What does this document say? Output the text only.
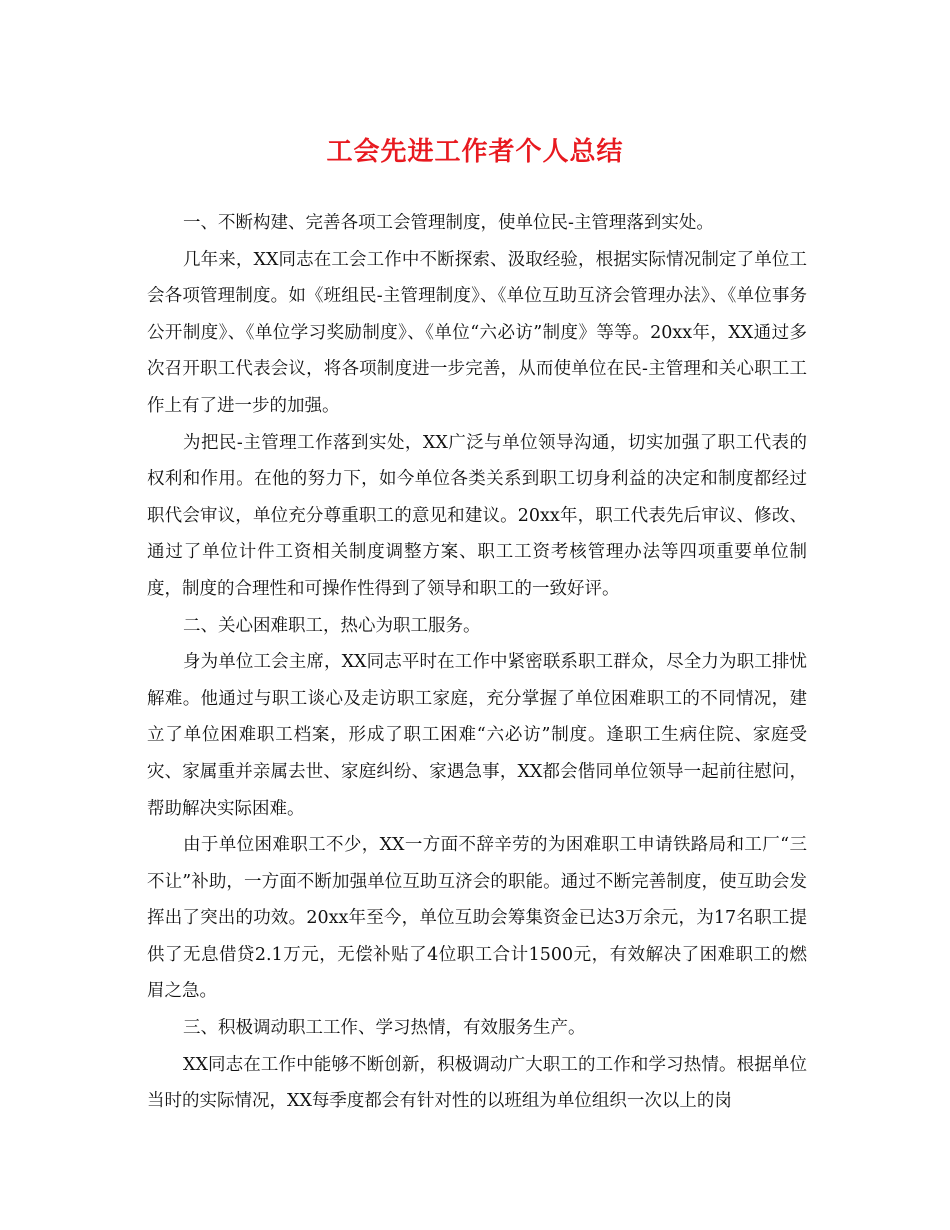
工会先进工作者个人总结

一、不断构建、完善各项工会管理制度，使单位民-主管理落到实处。

几年来，XX同志在工会工作中不断探索、汲取经验，根据实际情况制定了单位工会各项管理制度。如《班组民-主管理制度》、《单位互助互济会管理办法》、《单位事务公开制度》、《单位学习奖励制度》、《单位“六必访”制度》等等。20xx年，XX通过多次召开职工代表会议，将各项制度进一步完善，从而使单位在民-主管理和关心职工工作上有了进一步的加强。

为把民-主管理工作落到实处，XX广泛与单位领导沟通，切实加强了职工代表的权利和作用。在他的努力下，如今单位各类关系到职工切身利益的决定和制度都经过职代会审议，单位充分尊重职工的意见和建议。20xx年，职工代表先后审议、修改、通过了单位计件工资相关制度调整方案、职工工资考核管理办法等四项重要单位制度，制度的合理性和可操作性得到了领导和职工的一致好评。

二、关心困难职工，热心为职工服务。

身为单位工会主席，XX同志平时在工作中紧密联系职工群众，尽全力为职工排忧解难。他通过与职工谈心及走访职工家庭，充分掌握了单位困难职工的不同情况，建立了单位困难职工档案，形成了职工困难“六必访”制度。逢职工生病住院、家庭受灾、家属重并亲属去世、家庭纠纷、家遇急事，XX都会偕同单位领导一起前往慰问，帮助解决实际困难。

由于单位困难职工不少，XX一方面不辞辛劳的为困难职工申请铁路局和工厂“三不让”补助，一方面不断加强单位互助互济会的职能。通过不断完善制度，使互助会发挥出了突出的功效。20xx年至今，单位互助会筹集资金已达3万余元，为17名职工提供了无息借贷2.1万元，无偿补贴了4位职工合计1500元，有效解决了困难职工的燃眉之急。

三、积极调动职工工作、学习热情，有效服务生产。

XX同志在工作中能够不断创新，积极调动广大职工的工作和学习热情。根据单位当时的实际情况，XX每季度都会有针对性的以班组为单位组织一次以上的岗
